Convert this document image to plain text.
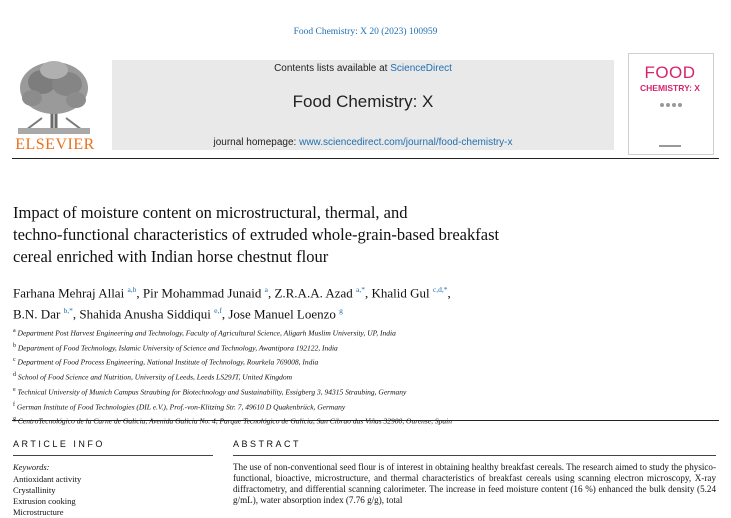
Food Chemistry: X 20 (2023) 100959
ELSEVIER
Contents lists available at ScienceDirect
Food Chemistry: X
journal homepage: www.sciencedirect.com/journal/food-chemistry-x
FOOD
CHEMISTRY: X
Impact of moisture content on microstructural, thermal, and
techno-functional characteristics of extruded whole-grain-based breakfast
cereal enriched with Indian horse chestnut flour
Farhana Mehraj Allai $^{a,b}$, Pir Mohammad Junaid $^a$, Z.R.A.A. Azad $^{a,*}$, Khalid Gul $^{c,d,*}$,
B.N. Dar $^{b,*}$, Shahida Anusha Siddiqui $^{e,f}$, Jose Manuel Loenzo $^g$
$^a$ Department Post Harvest Engineering and Technology, Faculty of Agricultural Science, Aligarh Muslim University, UP, India
$^b$ Department of Food Technology, Islamic University of Science and Technology, Awantipora 192122, India
$^c$ Department of Food Process Engineering, National Institute of Technology, Rourkela 769008, India
$^d$ School of Food Science and Nutrition, University of Leeds, Leeds LS29JT, United Kingdom
$^e$ Technical University of Munich Campus Straubing for Biotechnology and Sustainability, Essigberg 3, 94315 Straubing, Germany
$^f$ German Institute of Food Technologies (DIL e.V.), Prof.-von-Klitzing Str. 7, 49610 D Quakenbrück, Germany
$^g$ CentroTecnológico de la Carne de Galicia, Avenida Galicia No. 4, Parque Tecnológico de Galicia, San Cibrao das Viñas 32900, Ourense, Spain
ARTICLE INFO
Keywords:
Antioxidant activity
Crystallinity
Extrusion cooking
Microstructure
ABSTRACT
The use of non-conventional seed flour is of interest in obtaining healthy breakfast cereals. The research aimed to study the physico-functional, bioactive, microstructure, and thermal characteristics of breakfast cereals using scanning electron microscopy, X-ray diffractometry, and differential scanning calorimeter. The increase in feed moisture content (16 %) enhanced the bulk density (5.24 g/mL), water absorption index (7.76 g/g), total
